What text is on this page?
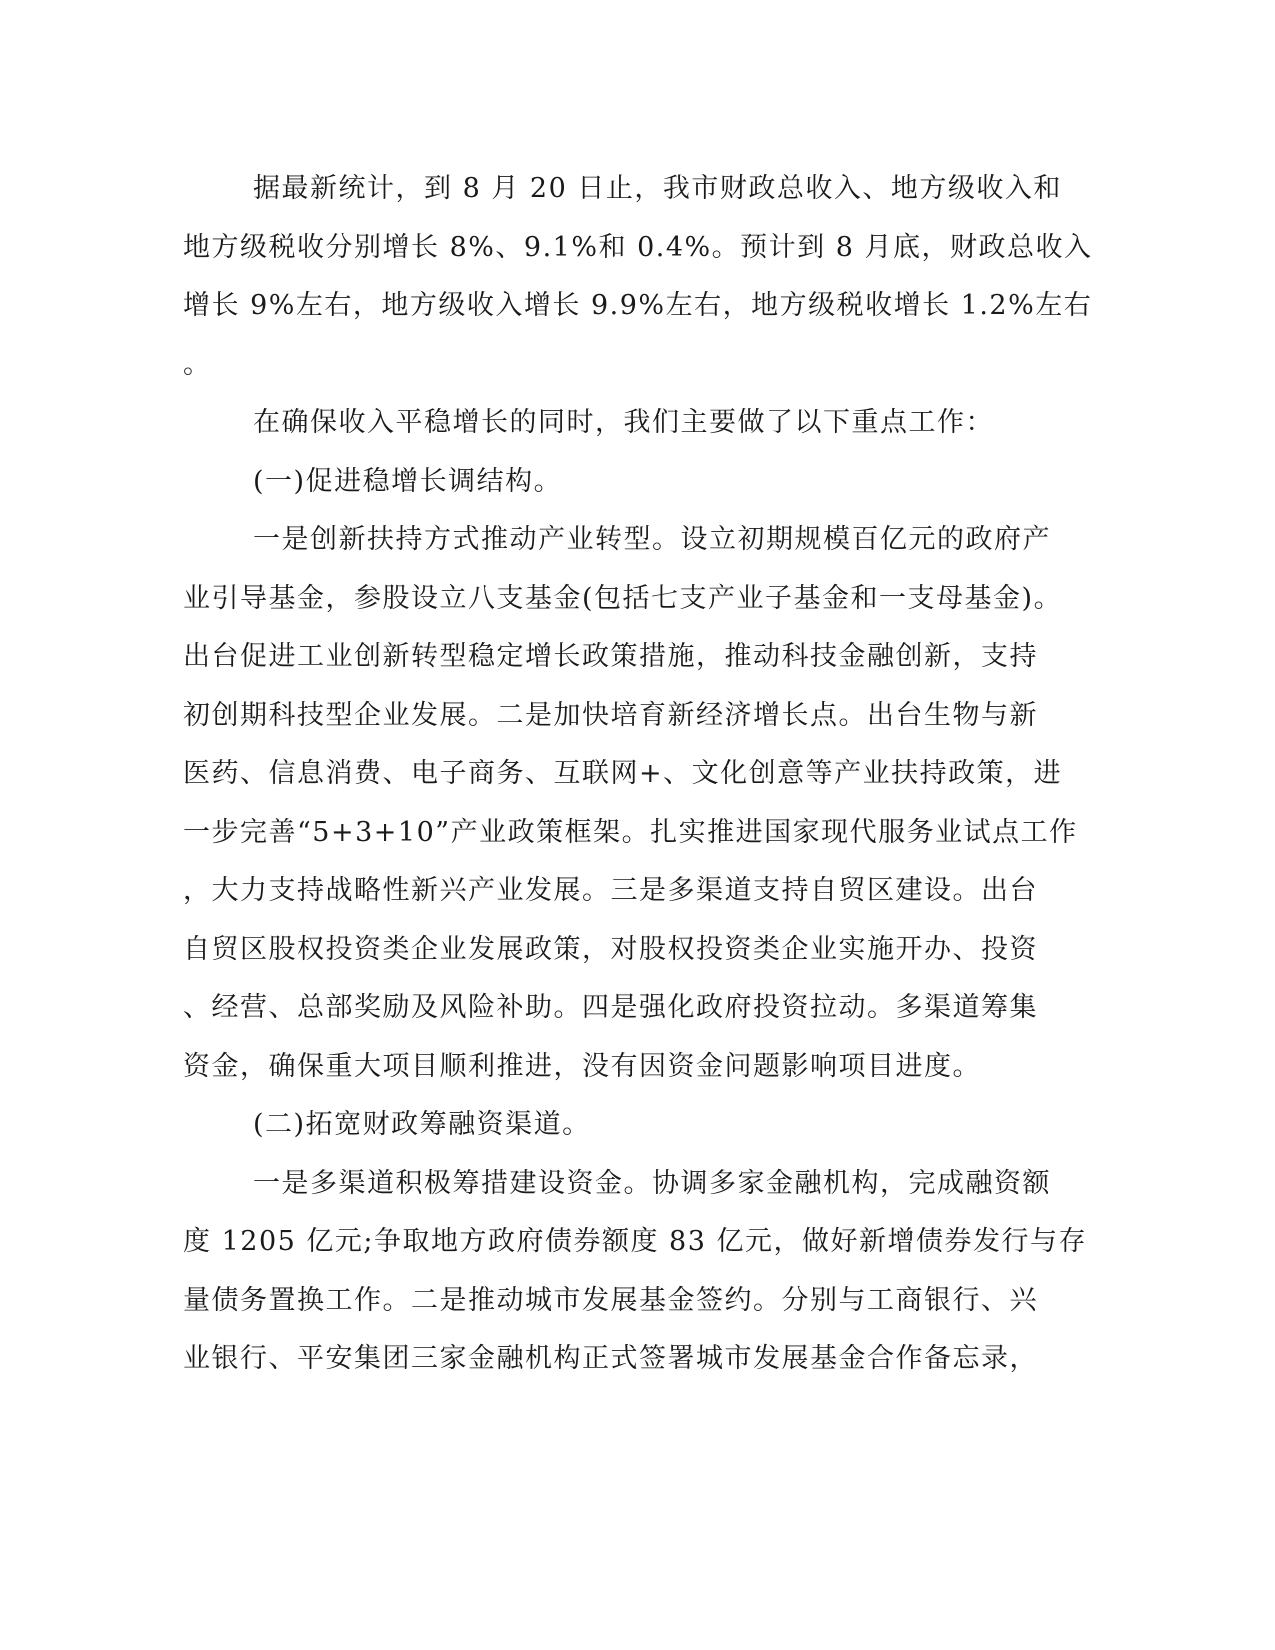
据最新统计，到 8 月 20 日止，我市财政总收入、地方级收入和
地方级税收分别增长 8%、9.1%和 0.4%。预计到 8 月底，财政总收入
增长 9%左右，地方级收入增长 9.9%左右，地方级税收增长 1.2%左右
。
在确保收入平稳增长的同时，我们主要做了以下重点工作：
(一)促进稳增长调结构。
一是创新扶持方式推动产业转型。设立初期规模百亿元的政府产
业引导基金，参股设立八支基金(包括七支产业子基金和一支母基金)。
出台促进工业创新转型稳定增长政策措施，推动科技金融创新，支持
初创期科技型企业发展。二是加快培育新经济增长点。出台生物与新
医药、信息消费、电子商务、互联网+、文化创意等产业扶持政策，进
一步完善“5+3+10”产业政策框架。扎实推进国家现代服务业试点工作
，大力支持战略性新兴产业发展。三是多渠道支持自贸区建设。出台
自贸区股权投资类企业发展政策，对股权投资类企业实施开办、投资
、经营、总部奖励及风险补助。四是强化政府投资拉动。多渠道筹集
资金，确保重大项目顺利推进，没有因资金问题影响项目进度。
(二)拓宽财政筹融资渠道。
一是多渠道积极筹措建设资金。协调多家金融机构，完成融资额
度 1205 亿元;争取地方政府债券额度 83 亿元，做好新增债券发行与存
量债务置换工作。二是推动城市发展基金签约。分别与工商银行、兴
业银行、平安集团三家金融机构正式签署城市发展基金合作备忘录，
